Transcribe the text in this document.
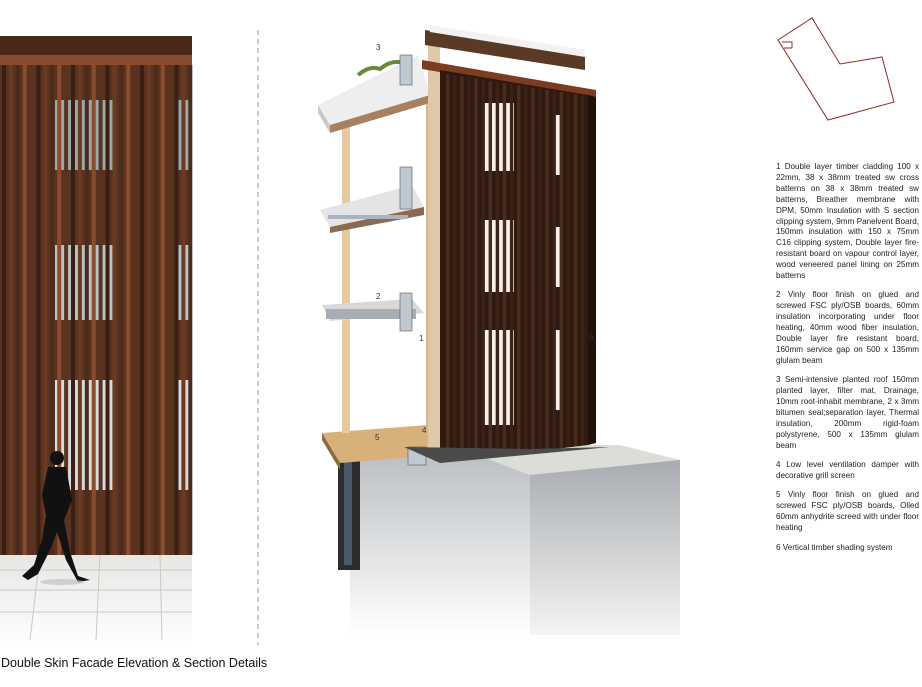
3
2
1	6
4
5

1 Double layer timber cladding 100 x 22mm, 38 x 38mm treated sw cross batterns on 38 x 38mm treated sw batterns, Breather membrane with DPM, 50mm Insulation with S section clipping system, 9mm Panelvent Board, 150mm insulation with 150 x 75mm C16 clipping system, Double layer fire-resistant board on vapour control layer, wood veneered panel lining on 25mm batterns

2 Vinly floor finish on glued and screwed FSC ply/OSB boards, 60mm insulation incorporating under floor heating, 40mm wood fiber insulation, Double layer fire resistant board, 160mm service gap on 500 x 135mm glulam beam

3 Semi-intensive planted roof 150mm planted layer, filter mat, Drainage, 10mm root-inhabit membrane, 2 x 3mm bitumen seal;separation layer, Thermal insulation, 200mm rigid-foam polystyrene, 500 x 135mm glulam beam

4 Low level ventilation damper with decorative grill screen

5 Vinly floor finish on glued and screwed FSC ply/OSB boards, Olled 60mm anhydrite screed with under floor heating

6 Vertical timber shading system

Double Skin Facade Elevation & Section Details
